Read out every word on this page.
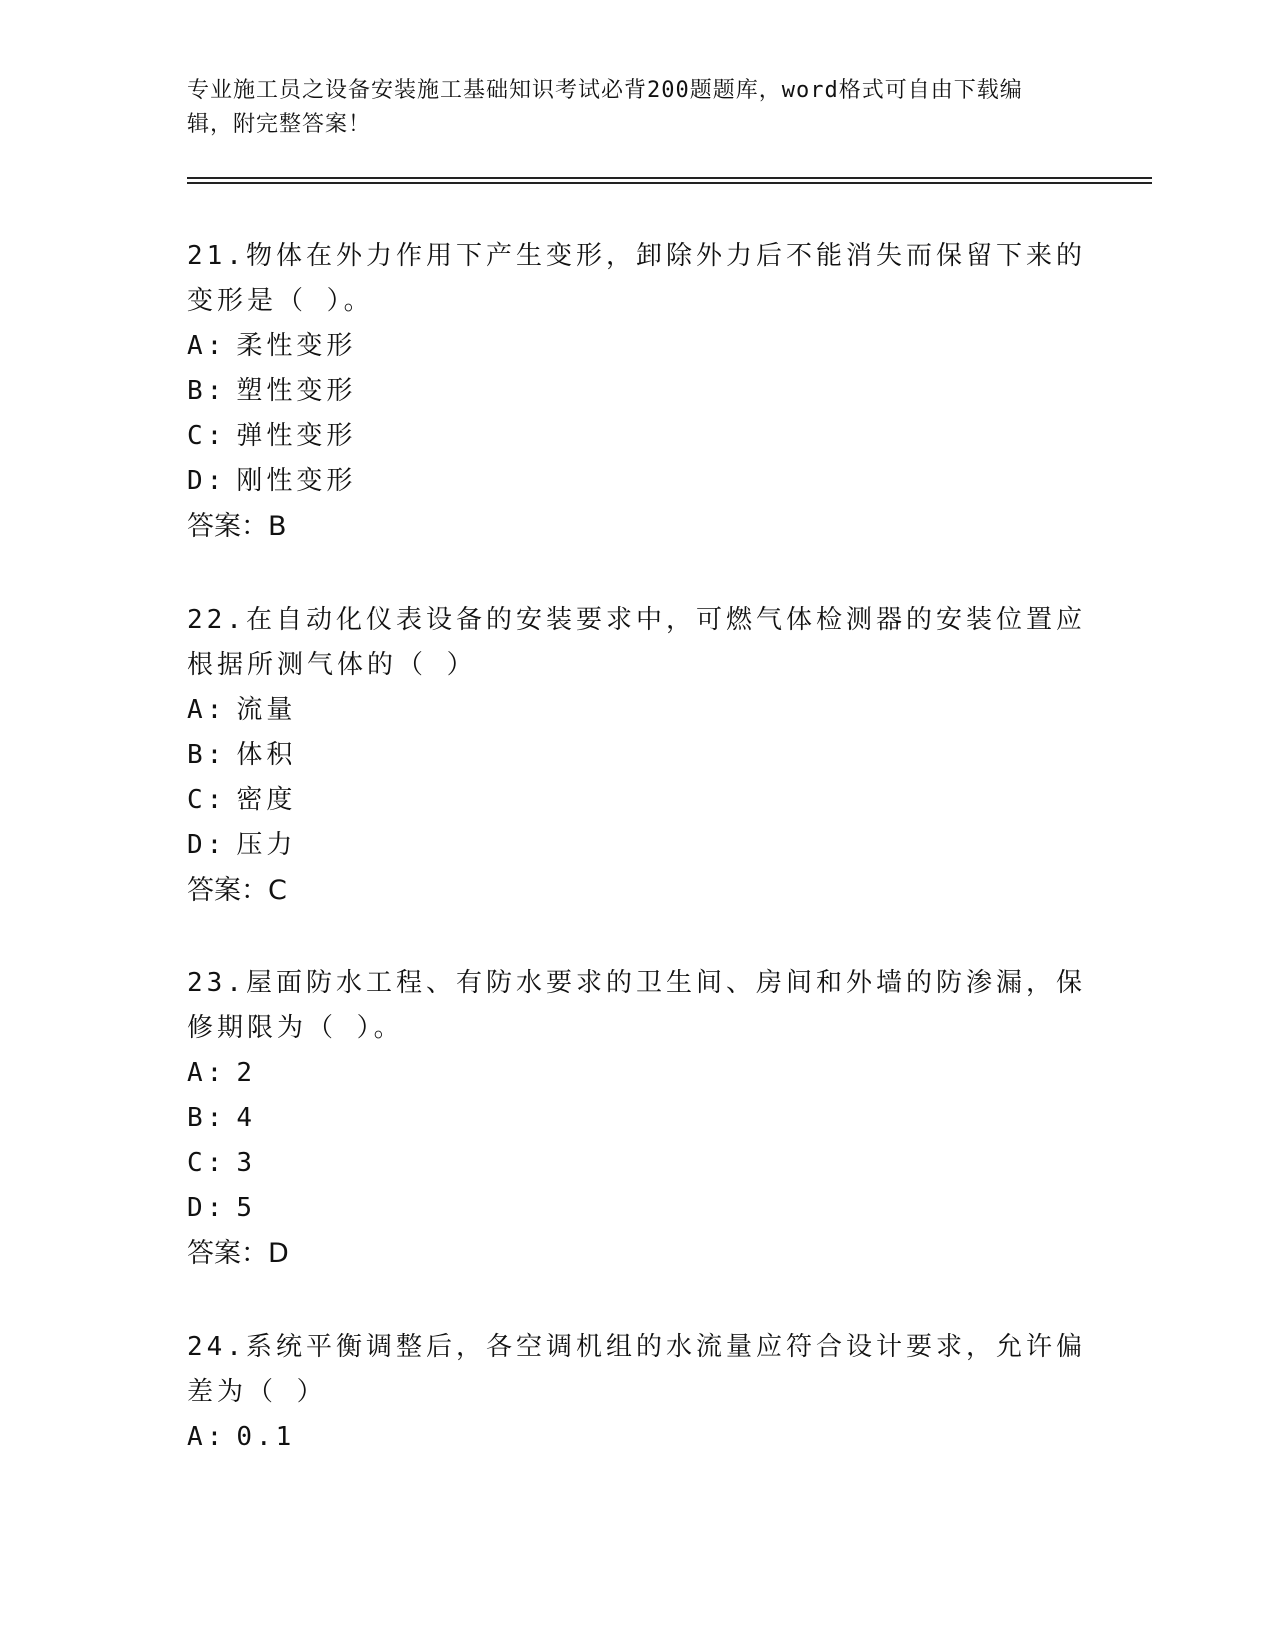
专业施工员之设备安装施工基础知识考试必背200题题库，word格式可自由下载编辑，附完整答案！

21.物体在外力作用下产生变形，卸除外力后不能消失而保留下来的变形是（ ）。

A: 柔性变形

B: 塑性变形

C: 弹性变形

D: 刚性变形

答案：B

22.在自动化仪表设备的安装要求中，可燃气体检测器的安装位置应根据所测气体的（ ）

A: 流量

B: 体积

C: 密度

D: 压力

答案：C

23.屋面防水工程、有防水要求的卫生间、房间和外墙的防渗漏，保修期限为（ ）。

A: 2

B: 4

C: 3

D: 5

答案：D

24.系统平衡调整后，各空调机组的水流量应符合设计要求，允许偏差为（ ）

A: 0.1
